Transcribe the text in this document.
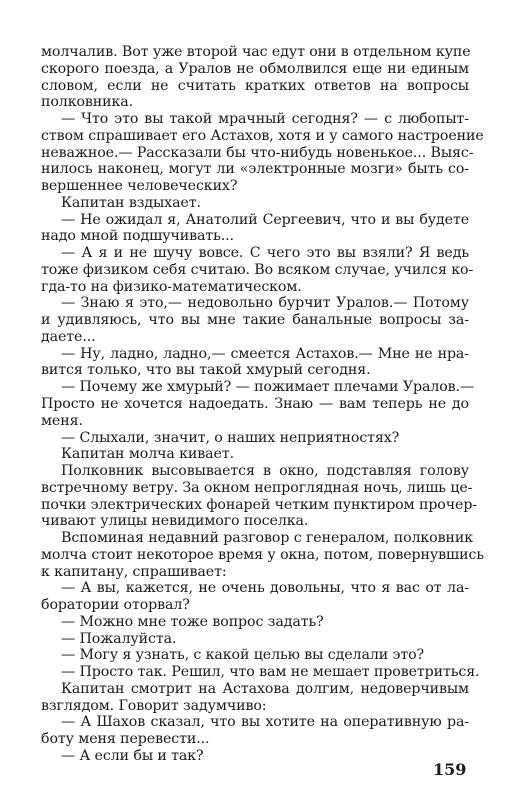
молчалив. Вот уже второй час едут они в отдельном купе
скорого поезда, а Уралов не обмолвился еще ни единым
словом, если не считать кратких ответов на вопросы
полковника.
— Что это вы такой мрачный сегодня? — с любопыт-
ством спрашивает его Астахов, хотя и у самого настроение
неважное.— Рассказали бы что-нибудь новенькое... Выяс-
нилось наконец, могут ли «электронные мозги» быть со-
вершеннее человеческих?
Капитан вздыхает.
— Не ожидал я, Анатолий Сергеевич, что и вы будете
надо мной подшучивать...
— А я и не шучу вовсе. С чего это вы взяли? Я ведь
тоже физиком себя считаю. Во всяком случае, учился ко-
гда-то на физико-математическом.
— Знаю я это,— недовольно бурчит Уралов.— Потому
и удивляюсь, что вы мне такие банальные вопросы за-
даете...
— Ну, ладно, ладно,— смеется Астахов.— Мне не нра-
вится только, что вы такой хмурый сегодня.
— Почему же хмурый? — пожимает плечами Уралов.—
Просто не хочется надоедать. Знаю — вам теперь не до
меня.
— Слыхали, значит, о наших неприятностях?
Капитан молча кивает.
Полковник высовывается в окно, подставляя голову
встречному ветру. За окном непроглядная ночь, лишь це-
почки электрических фонарей четким пунктиром прочер-
чивают улицы невидимого поселка.
Вспоминая недавний разговор с генералом, полковник
молча стоит некоторое время у окна, потом, повернувшись
к капитану, спрашивает:
— А вы, кажется, не очень довольны, что я вас от ла-
боратории оторвал?
— Можно мне тоже вопрос задать?
— Пожалуйста.
— Могу я узнать, с какой целью вы сделали это?
— Просто так. Решил, что вам не мешает проветриться.
Капитан смотрит на Астахова долгим, недоверчивым
взглядом. Говорит задумчиво:
— А Шахов сказал, что вы хотите на оперативную ра-
боту меня перевести...
— А если бы и так?
159
